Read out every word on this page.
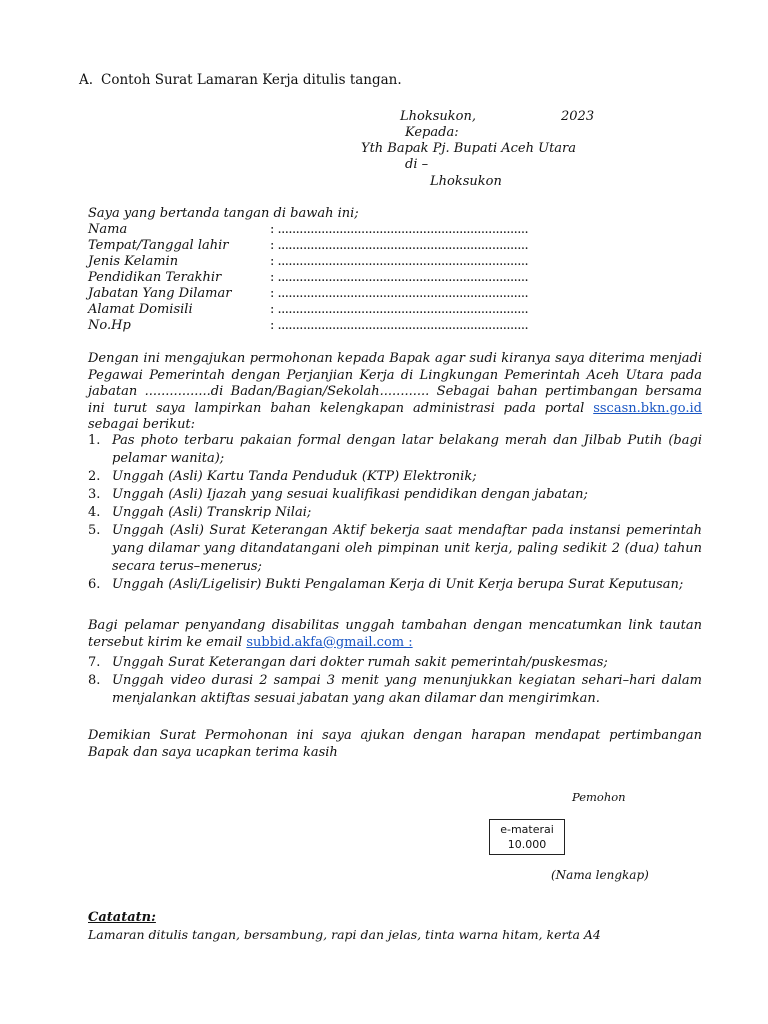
A. Contoh Surat Lamaran Kerja ditulis tangan.
Lhoksukon,	2023
Kepada:
Yth Bapak Pj. Bupati Aceh Utara
di –
Lhoksukon
Saya yang bertanda tangan di bawah ini;
Nama	: .....................................................................
Tempat/Tanggal lahir	: .....................................................................
Jenis Kelamin	: .....................................................................
Pendidikan Terakhir	: .....................................................................
Jabatan Yang Dilamar	: .....................................................................
Alamat Domisili	: .....................................................................
No.Hp	: .....................................................................
Dengan ini mengajukan permohonan kepada Bapak agar sudi kiranya saya diterima menjadi Pegawai Pemerintah dengan Perjanjian Kerja di Lingkungan Pemerintah Aceh Utara pada jabatan ................di Badan/Bagian/Sekolah............ Sebagai bahan pertimbangan bersama ini turut saya lampirkan bahan kelengkapan administrasi pada portal sscasn.bkn.go.id sebagai berikut:
1. Pas photo terbaru pakaian formal dengan latar belakang merah dan Jilbab Putih (bagi pelamar wanita);
2. Unggah (Asli) Kartu Tanda Penduduk (KTP) Elektronik;
3. Unggah (Asli) Ijazah yang sesuai kualifikasi pendidikan dengan jabatan;
4. Unggah (Asli) Transkrip Nilai;
5. Unggah (Asli) Surat Keterangan Aktif bekerja saat mendaftar pada instansi pemerintah yang dilamar yang ditandatangani oleh pimpinan unit kerja, paling sedikit 2 (dua) tahun secara terus–menerus;
6. Unggah (Asli/Ligelisir) Bukti Pengalaman Kerja di Unit Kerja berupa Surat Keputusan;
Bagi pelamar penyandang disabilitas unggah tambahan dengan mencatumkan link tautan tersebut kirim ke email subbid.akfa@gmail.com :
7. Unggah Surat Keterangan dari dokter rumah sakit pemerintah/puskesmas;
8. Unggah video durasi 2 sampai 3 menit yang menunjukkan kegiatan sehari–hari dalam menjalankan aktiftas sesuai jabatan yang akan dilamar dan mengirimkan.
Demikian Surat Permohonan ini saya ajukan dengan harapan mendapat pertimbangan Bapak dan saya ucapkan terima kasih
Pemohon
e-materai
10.000
(Nama lengkap)
Catatatn:
Lamaran ditulis tangan, bersambung, rapi dan jelas, tinta warna hitam, kerta A4
